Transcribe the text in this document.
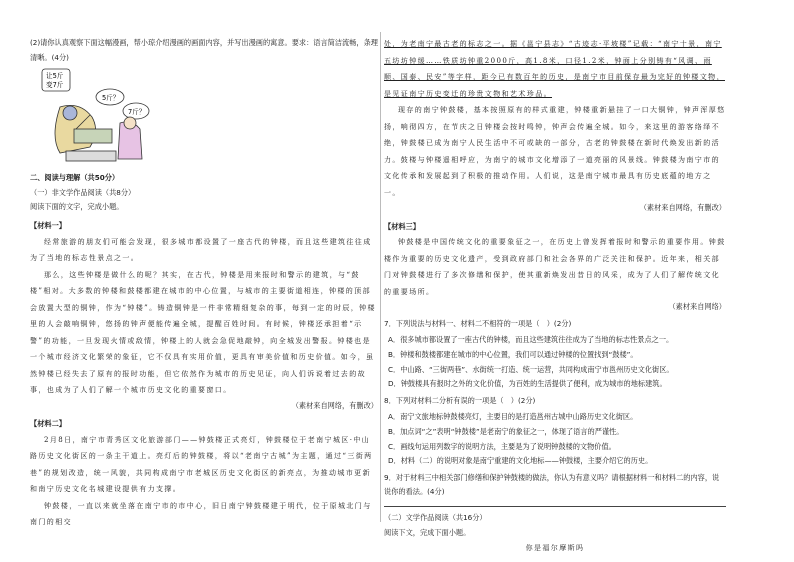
(2)请你认真观察下面这幅漫画，帮小琼介绍漫画的画面内容，并写出漫画的寓意。要求：语言简洁流畅，条理清晰。(4分)

让5斤
变7斤
5斤？
7斤？

二、阅读与理解（共50分）

（一）非文学作品阅读（共8分）

阅读下面的文字，完成小题。

【材料一】

经常旅游的朋友们可能会发现，很多城市都设置了一座古代的钟楼，而且这些建筑往往成为了当地的标志性景点之一。

那么，这些钟楼是做什么的呢？其实，在古代，钟楼是用来报时和警示的建筑，与“鼓楼”相对。大多数的钟楼和鼓楼都建在城市的中心位置，与城市的主要街道相连，钟楼的顶部会放置大型的铜钟，作为“钟楼”。铸造铜钟是一件非常精细复杂的事，每到一定的时辰，钟楼里的人会敲响铜钟，悠扬的钟声便能传遍全城，提醒百姓时间。有时候，钟楼还承担着“示警”的功能，一旦发现火情或敌情，钟楼上的人就会急促地敲钟，向全城发出警报。钟楼也是一个城市经济文化繁荣的象征，它不仅具有实用价值，更具有审美价值和历史价值。如今，虽然钟楼已经失去了原有的报时功能，但它依然作为城市的历史见证，向人们诉说着过去的故事，也成为了人们了解一个城市历史文化的重要窗口。

（素材来自网络，有删改）

【材料二】

2月8日，南宁市青秀区文化旅游部门——钟鼓楼正式亮灯，钟鼓楼位于老南宁城区·中山路历史文化街区的一条主干道上。亮灯后的钟鼓楼，将以“老南宁古城”为主题，通过“三街两巷”的规划改造，统一风貌，共同构成南宁市老城区历史文化街区的新亮点，为推动城市更新和南宁历史文化名城建设提供有力支撑。

钟鼓楼，一直以来就坐落在南宁市的市中心，旧日南宁钟鼓楼建于明代，位于原城北门与南门的相交

处，为老南宁最古老的标志之一。据《邕宁县志》“古迹志·平坡楼”记载：“南宁十景，南宁五坊坊钟缓……铁质坊钟重2000斤，高1.8米，口径1.2米，钟面上分别铸有“风调、雨顺、国泰、民安”等字样，距今已有数百年的历史，是南宁市目前保存最为完好的钟楼文物，是见证南宁历史变迁的珍贵文物和艺术珍品。

现存的南宁钟鼓楼，基本按照原有的样式重建，钟楼重新悬挂了一口大铜钟，钟声浑厚悠扬，响彻四方，在节庆之日钟楼会按时鸣钟，钟声会传遍全城。如今，来这里的游客络绎不绝，钟鼓楼已成为南宁人民生活中不可或缺的一部分，古老的钟鼓楼在新时代焕发出新的活力。鼓楼与钟楼遥相呼应，为南宁的城市文化增添了一道亮丽的风景线。钟鼓楼为南宁市的文化传承和发展起到了积极的推动作用。人们说，这是南宁城市最具有历史底蕴的地方之一。

（素材来自网络，有删改）

【材料三】

钟鼓楼是中国传统文化的重要象征之一，在历史上曾发挥着报时和警示的重要作用。钟鼓楼作为重要的历史文化遗产，受到政府部门和社会各界的广泛关注和保护。近年来，相关部门对钟鼓楼进行了多次修缮和保护，使其重新焕发出昔日的风采，成为了人们了解传统文化的重要场所。

（素材来自网络）

7．下列说法与材料一、材料二不相符的一项是（　）(2分)

A．很多城市都设置了一座古代的钟楼，而且这些建筑往往成为了当地的标志性景点之一。

B．钟楼和鼓楼都建在城市的中心位置，我们可以通过钟楼的位置找到“鼓楼”。

C．中山路、“三街两巷”、水街统一打造、统一运营，共同构成南宁市邕州历史文化街区。

D．钟鼓楼具有报时之外的文化价值，为百姓的生活提供了便利，成为城市的地标建筑。

8．下列对材料二分析有误的一项是（　）(2分)

A．南宁文旅地标钟鼓楼亮灯，主要目的是打造邕州古城中山路历史文化街区。

B．加点词“之”表明“钟鼓楼”是老南宁的象征之一，体现了语言的严谨性。

C．画线句运用列数字的说明方法，主要是为了说明钟鼓楼的文物价值。

D．材料（二）的说明对象是南宁重建的文化地标——钟鼓楼，主要介绍它的历史。

9．对于材料三中相关部门修缮和保护钟鼓楼的做法，你认为有意义吗？请根据材料一和材料二的内容，说说你的看法。(4分)

（二）文学作品阅读（共16分）

阅读下文，完成下面小题。

你是福尔摩斯吗
